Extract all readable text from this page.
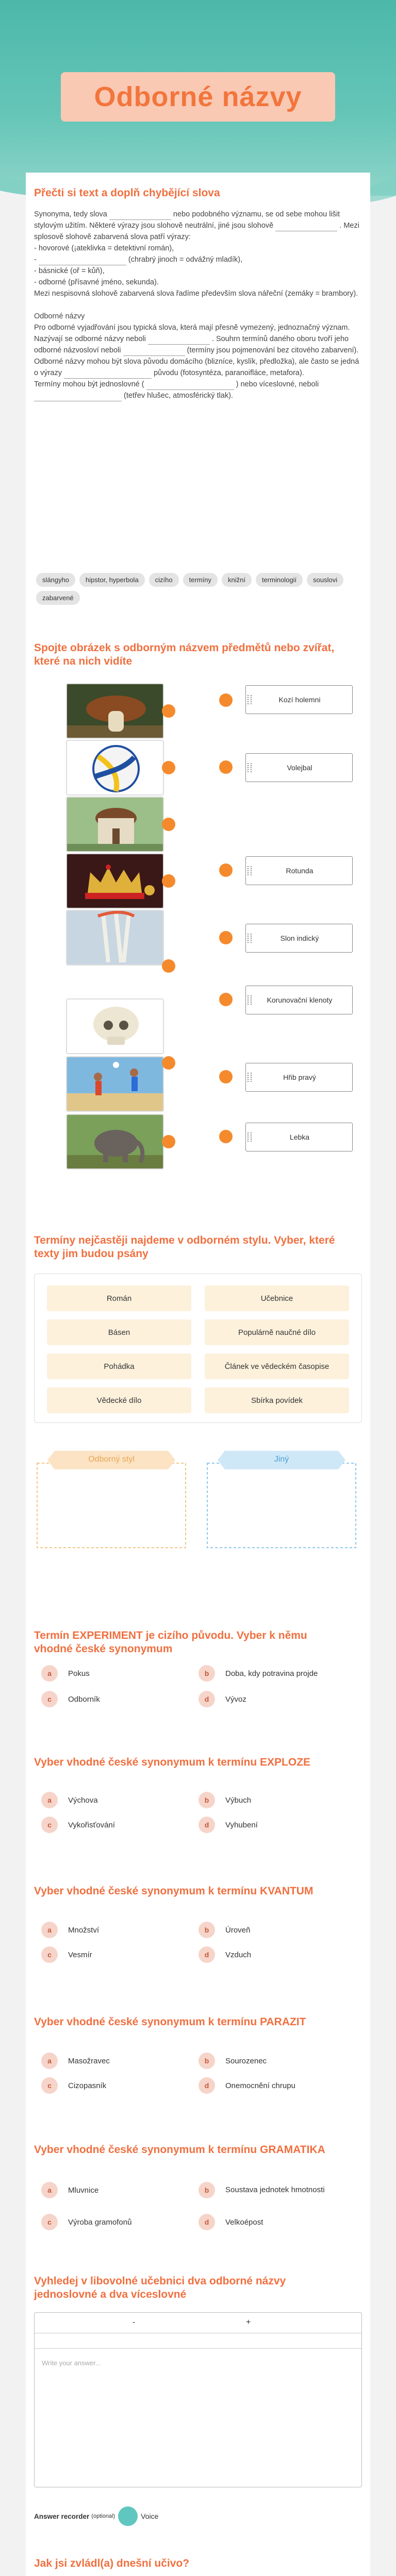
Odborné názvy
Přečti si text a doplň chybějící slova
Synonyma, tedy slova	nebo podobného významu, se od sebe mohou lišit stylovým užitím. Některé výrazy jsou slohově neutrální, jiné jsou slohově	. Mezi splosově slohově zabarvená slova patří výrazy:
- hovorové (¡ateklivka = detektivní román),
-	(chrabrý jinoch = odvážný mladík),
- básnické (oř = kůň),
- odborné (přísavné jméno, sekunda).
Mezi nespisovná slohově zabarvená slova řadíme především slova nářeční (zemáky = brambory).

Odborné názvy
Pro odborné vyjadřování jsou typická slova, která mají přesně vymezený, jednoznačný význam. Nazývají se odborné názvy neboli	. Souhrn termínů daného oboru tvoří jeho odborné názvosloví neboli	(termíny jsou pojmenování bez citového zabarvení).
Odborné názvy mohou být slova původu domácího (blizníce, kyslík, předložka), ale často se jedná o výrazy	původu (fotosyntéza, paranoifláce, metafora).
Termíny mohou být jednoslovné (	) nebo víceslovné, neboli  (tetřev hlušec, atmosférický tlak).
slángyho	hipstor, hyperbola	cizího	termíny	knižní	terminologií	souslovi
zabarvené
Spojte obrázek s odborným názvem předmětů nebo zvířat, které na nich vidíte
Kozí holemni
Volejbal
Rotunda
Slon indický
Korunovační klenoty
Hřib pravý
Lebka
Termíny nejčastěji najdeme v odborném stylu. Vyber, které texty jim budou psány
Román	Učebnice
Básen	Populárně naučné dílo
Pohádka	Článek ve vědeckém časopise
Vědecké dílo	Sbírka povídek
Odborný styl	Jiný
Termín EXPERIMENT je cizího původu. Vyber k němu vhodné české synonymum
a	Pokus	b	Doba, kdy potravina projde
c	Odborník	d	Vývoz
Vyber vhodné české synonymum k termínu EXPLOZE
a	Výchova	b	Výbuch
c	Vykořisťování	d	Vyhubení
Vyber vhodné české synonymum k termínu KVANTUM
a	Množství	b	Úroveň
c	Vesmír	d	Vzduch
Vyber vhodné české synonymum k termínu PARAZIT
a	Masožravec	b	Sourozenec
c	Cizopasník	d	Onemocnění chrupu
Vyber vhodné české synonymum k termínu GRAMATIKA
a	Mluvnice	b	Soustava jednotek hmotnosti
c	Výroba gramofonů	d	Velkoépost
Vyhledej v libovolné učebnici dva odborné názvy jednoslovné a dva víceslovné
-	+
Write your answer...
Answer recorder (optional)	Voice
Jak jsi zvládl(a) dnešní učivo?
